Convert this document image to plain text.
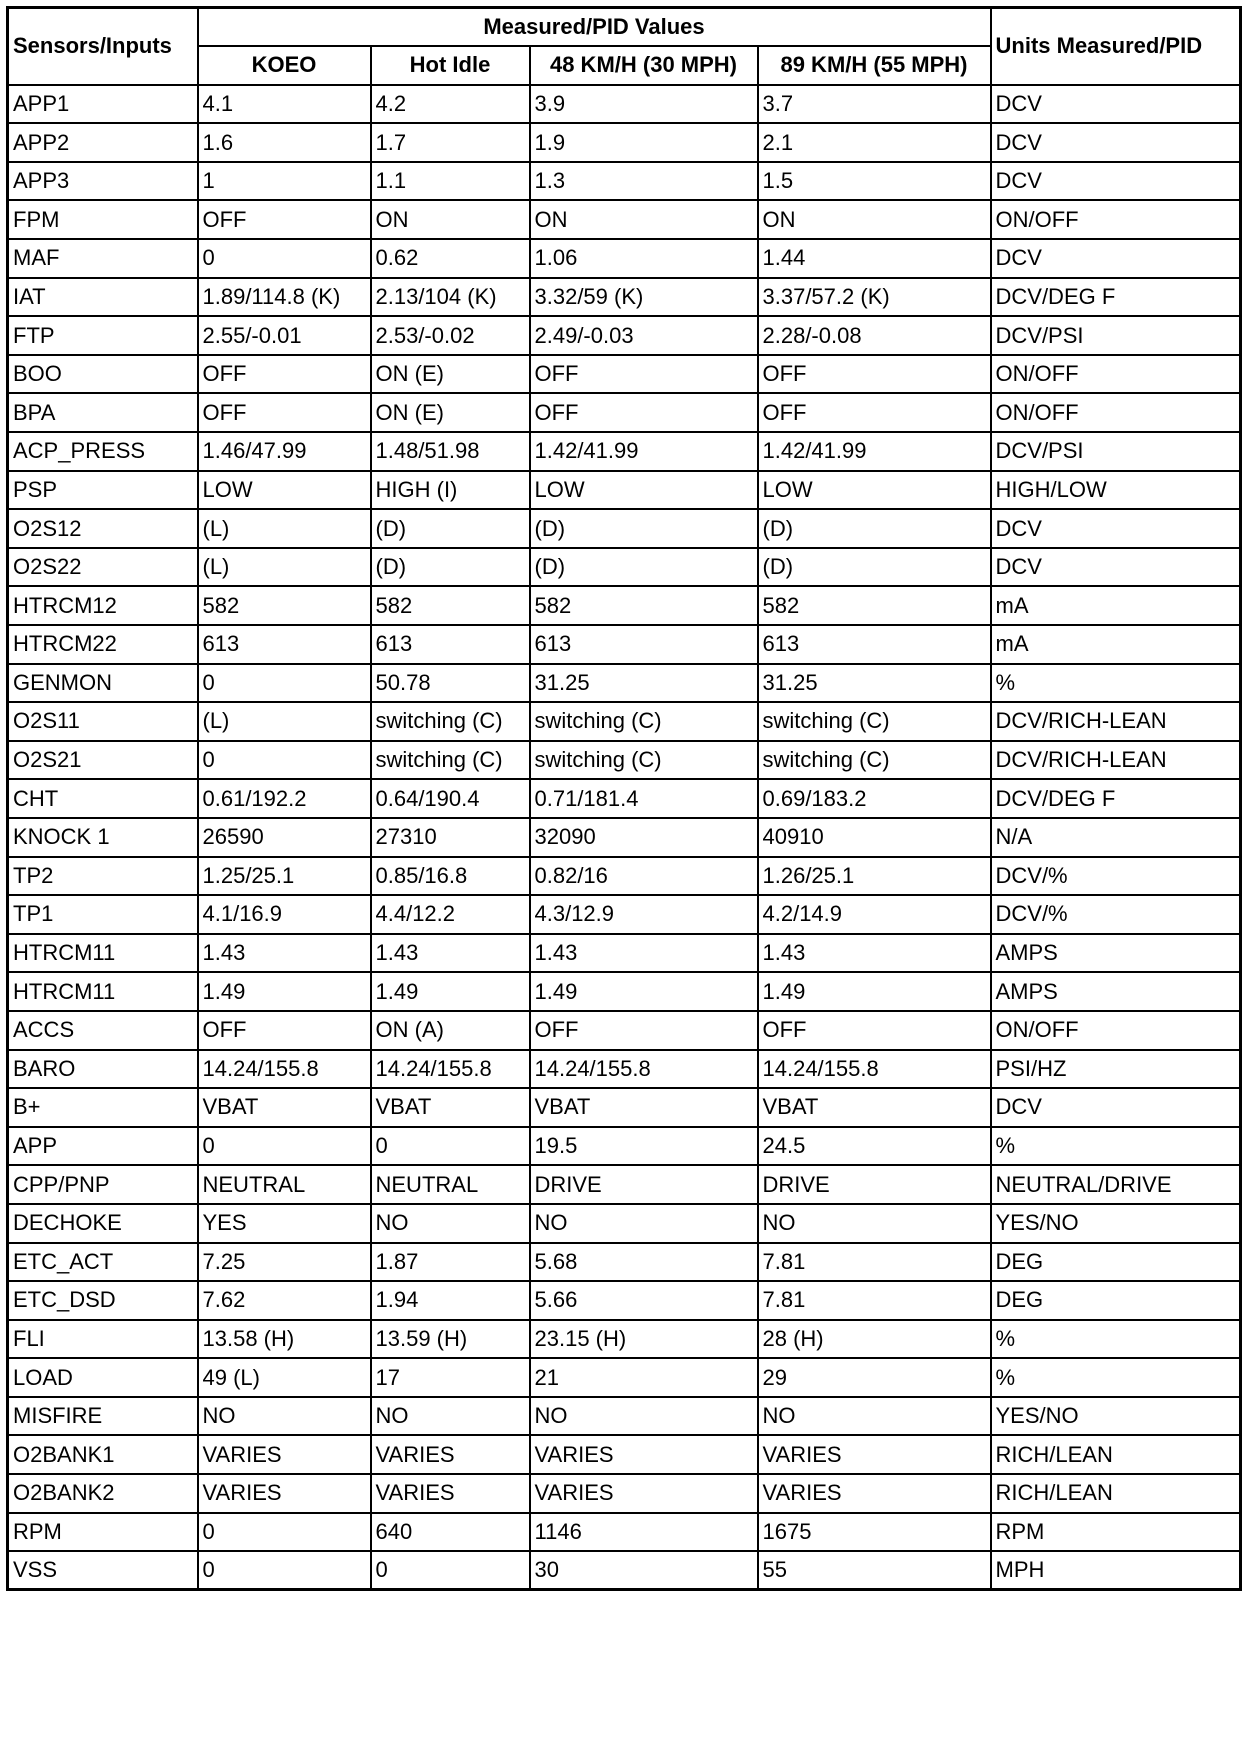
Sensors/Inputs	Measured/PID Values				Units Measured/PID
	KOEO	Hot Idle	48 KM/H (30 MPH)	89 KM/H (55 MPH)	
APP1	4.1	4.2	3.9	3.7	DCV
APP2	1.6	1.7	1.9	2.1	DCV
APP3	1	1.1	1.3	1.5	DCV
FPM	OFF	ON	ON	ON	ON/OFF
MAF	0	0.62	1.06	1.44	DCV
IAT	1.89/114.8 (K)	2.13/104 (K)	3.32/59 (K)	3.37/57.2 (K)	DCV/DEG F
FTP	2.55/-0.01	2.53/-0.02	2.49/-0.03	2.28/-0.08	DCV/PSI
BOO	OFF	ON (E)	OFF	OFF	ON/OFF
BPA	OFF	ON (E)	OFF	OFF	ON/OFF
ACP_PRESS	1.46/47.99	1.48/51.98	1.42/41.99	1.42/41.99	DCV/PSI
PSP	LOW	HIGH (I)	LOW	LOW	HIGH/LOW
O2S12	(L)	(D)	(D)	(D)	DCV
O2S22	(L)	(D)	(D)	(D)	DCV
HTRCM12	582	582	582	582	mA
HTRCM22	613	613	613	613	mA
GENMON	0	50.78	31.25	31.25	%
O2S11	(L)	switching (C)	switching (C)	switching (C)	DCV/RICH-LEAN
O2S21	0	switching (C)	switching (C)	switching (C)	DCV/RICH-LEAN
CHT	0.61/192.2	0.64/190.4	0.71/181.4	0.69/183.2	DCV/DEG F
KNOCK 1	26590	27310	32090	40910	N/A
TP2	1.25/25.1	0.85/16.8	0.82/16	1.26/25.1	DCV/%
TP1	4.1/16.9	4.4/12.2	4.3/12.9	4.2/14.9	DCV/%
HTRCM11	1.43	1.43	1.43	1.43	AMPS
HTRCM11	1.49	1.49	1.49	1.49	AMPS
ACCS	OFF	ON (A)	OFF	OFF	ON/OFF
BARO	14.24/155.8	14.24/155.8	14.24/155.8	14.24/155.8	PSI/HZ
B+	VBAT	VBAT	VBAT	VBAT	DCV
APP	0	0	19.5	24.5	%
CPP/PNP	NEUTRAL	NEUTRAL	DRIVE	DRIVE	NEUTRAL/DRIVE
DECHOKE	YES	NO	NO	NO	YES/NO
ETC_ACT	7.25	1.87	5.68	7.81	DEG
ETC_DSD	7.62	1.94	5.66	7.81	DEG
FLI	13.58 (H)	13.59 (H)	23.15 (H)	28 (H)	%
LOAD	49 (L)	17	21	29	%
MISFIRE	NO	NO	NO	NO	YES/NO
O2BANK1	VARIES	VARIES	VARIES	VARIES	RICH/LEAN
O2BANK2	VARIES	VARIES	VARIES	VARIES	RICH/LEAN
RPM	0	640	1146	1675	RPM
VSS	0	0	30	55	MPH
